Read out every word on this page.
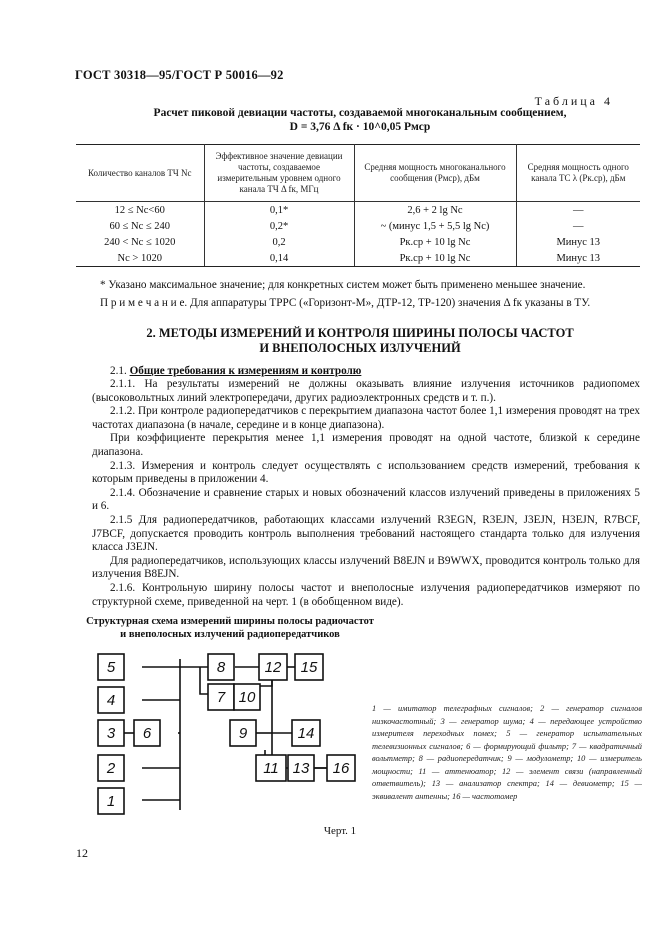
ГОСТ 30318—95/ГОСТ Р 50016—92
Таблица 4
Расчет пиковой девиации частоты, создаваемой многоканальным сообщением,
D = 3,76 Δ fк · 10^0,05 Pмср
Количество каналов ТЧ Nc	Эффективное значение девиации частоты, создаваемое измерительным уровнем одного канала ТЧ Δ fк, МГц	Средняя мощность многоканального сообщения (Pмср), дБм	Средняя мощность одного канала ТС λ (Pк.ср), дБм
12 ≤ Nc<60	0,1*	2,6 + 2 lg Nc	—
60 ≤ Nc ≤ 240	0,2*	~ (минус 1,5 + 5,5 lg Nc)	—
240 < Nc ≤ 1020	0,2	Pк.ср + 10 lg Nc	Минус 13
Nc > 1020	0,14	Pк.ср + 10 lg Nc	Минус 13
* Указано максимальное значение; для конкретных систем может быть применено меньшее значение.
П р и м е ч а н и е. Для аппаратуры ТРРС («Горизонт-М», ДТР-12, ТР-120) значения Δ fк указаны в ТУ.
2. МЕТОДЫ ИЗМЕРЕНИЙ И КОНТРОЛЯ ШИРИНЫ ПОЛОСЫ ЧАСТОТ
И ВНЕПОЛОСНЫХ ИЗЛУЧЕНИЙ
2.1. Общие требования к измерениям и контролю
2.1.1. На результаты измерений не должны оказывать влияние излучения источников радиопомех (высоковольтных линий электропередачи, других радиоэлектронных средств и т. п.).
2.1.2. При контроле радиопередатчиков с перекрытием диапазона частот более 1,1 измерения проводят на трех частотах диапазона (в начале, середине и в конце диапазона).
При коэффициенте перекрытия менее 1,1 измерения проводят на одной частоте, близкой к середине диапазона.
2.1.3. Измерения и контроль следует осуществлять с использованием средств измерений, требования к которым приведены в приложении 4.
2.1.4. Обозначение и сравнение старых и новых обозначений классов излучений приведены в приложениях 5 и 6.
2.1.5 Для радиопередатчиков, работающих классами излучений R3EGN, R3EJN, J3EJN, H3EJN, R7BCF, J7BCF, допускается проводить контроль выполнения требований настоящего стандарта только для излучения класса J3EJN.
Для радиопередатчиков, использующих классы излучений B8EJN и B9WWX, проводится контроль только для излучения B8EJN.
2.1.6. Контрольную ширину полосы частот и внеполосные излучения радиопередатчиков измеряют по структурной схеме, приведенной на черт. 1 (в обобщенном виде).
Структурная схема измерений ширины полосы радиочастот
и внеполосных излучений радиопередатчиков
5
4
3 6
2
1
8
7 10
12 15
9	14
11 13 16
1 — имитатор телеграфных сигналов; 2 — генератор сигналов низкочастотный; 3 — генератор шума; 4 — передающее устройство измерителя переходных помех; 5 — генератор испытательных телевизионных сигналов; 6 — формирующий фильтр; 7 — квадратичный вольтметр; 8 — радиопередатчик; 9 — модулометр; 10 — измеритель мощности; 11 — аттенюатор; 12 — элемент связи (направленный ответвитель); 13 — анализатор спектра; 14 — девиометр; 15 — эквивалент антенны; 16 — частотомер
Черт. 1
12
